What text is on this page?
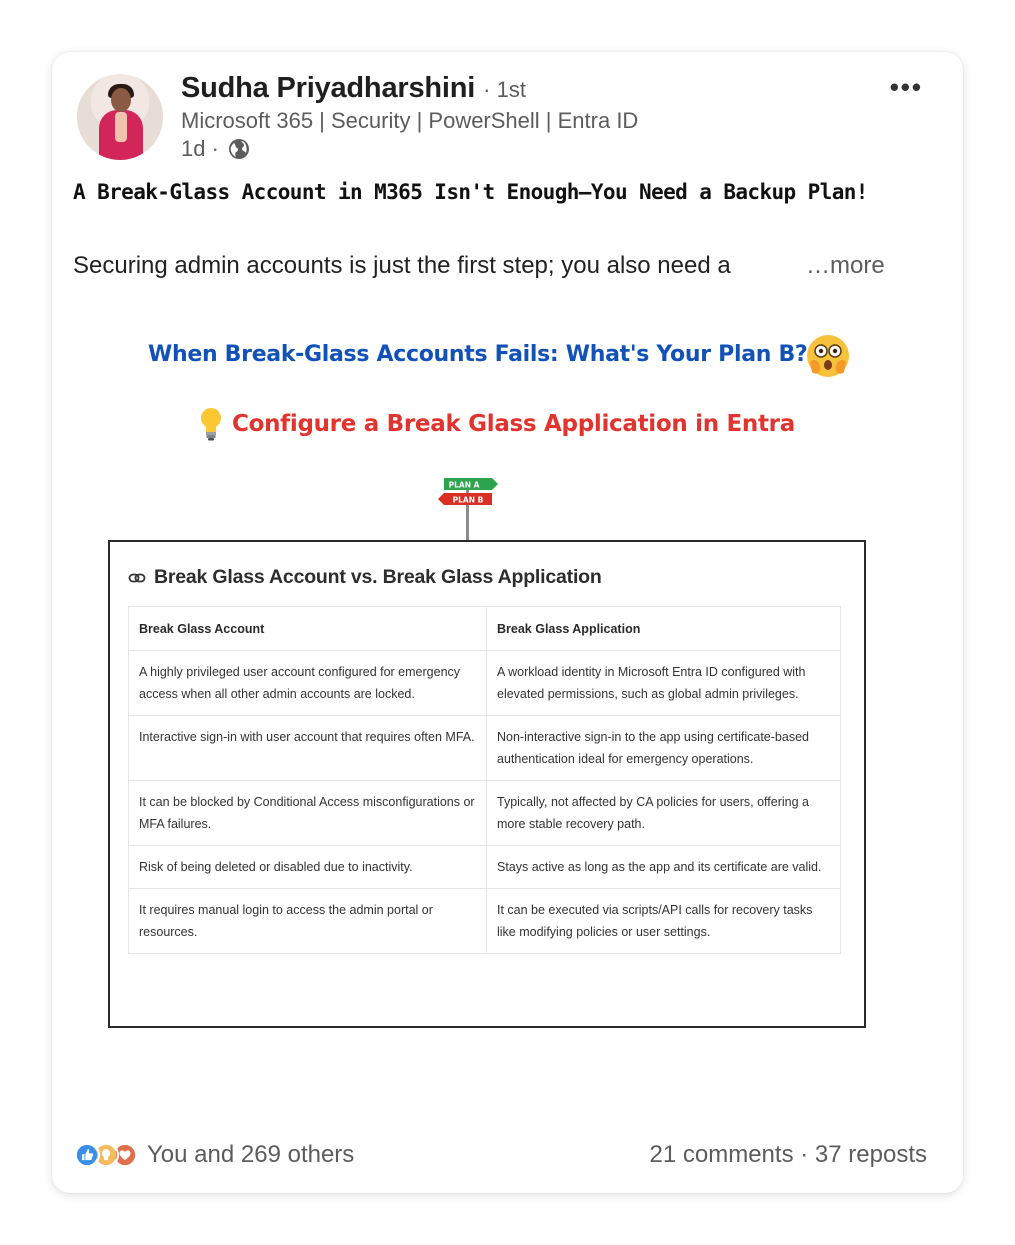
Sudha Priyadharshini · 1st
Microsoft 365 | Security | PowerShell | Entra ID
1d ·
•••
A Break-Glass Account in M365 Isn't Enough—You Need a Backup Plan!
Securing admin accounts is just the first step; you also need a	…more
When Break-Glass Accounts Fails: What's Your Plan B?
Configure a Break Glass Application in Entra
PLAN A
PLAN B
Break Glass Account vs. Break Glass Application
Break Glass Account	Break Glass Application
A highly privileged user account configured for emergency access when all other admin accounts are locked.	A workload identity in Microsoft Entra ID configured with elevated permissions, such as global admin privileges.
Interactive sign-in with user account that requires often MFA.	Non-interactive sign-in to the app using certificate-based authentication ideal for emergency operations.
It can be blocked by Conditional Access misconfigurations or MFA failures.	Typically, not affected by CA policies for users, offering a more stable recovery path.
Risk of being deleted or disabled due to inactivity.	Stays active as long as the app and its certificate are valid.
It requires manual login to access the admin portal or resources.	It can be executed via scripts/API calls for recovery tasks like modifying policies or user settings.
You and 269 others	21 comments · 37 reposts
